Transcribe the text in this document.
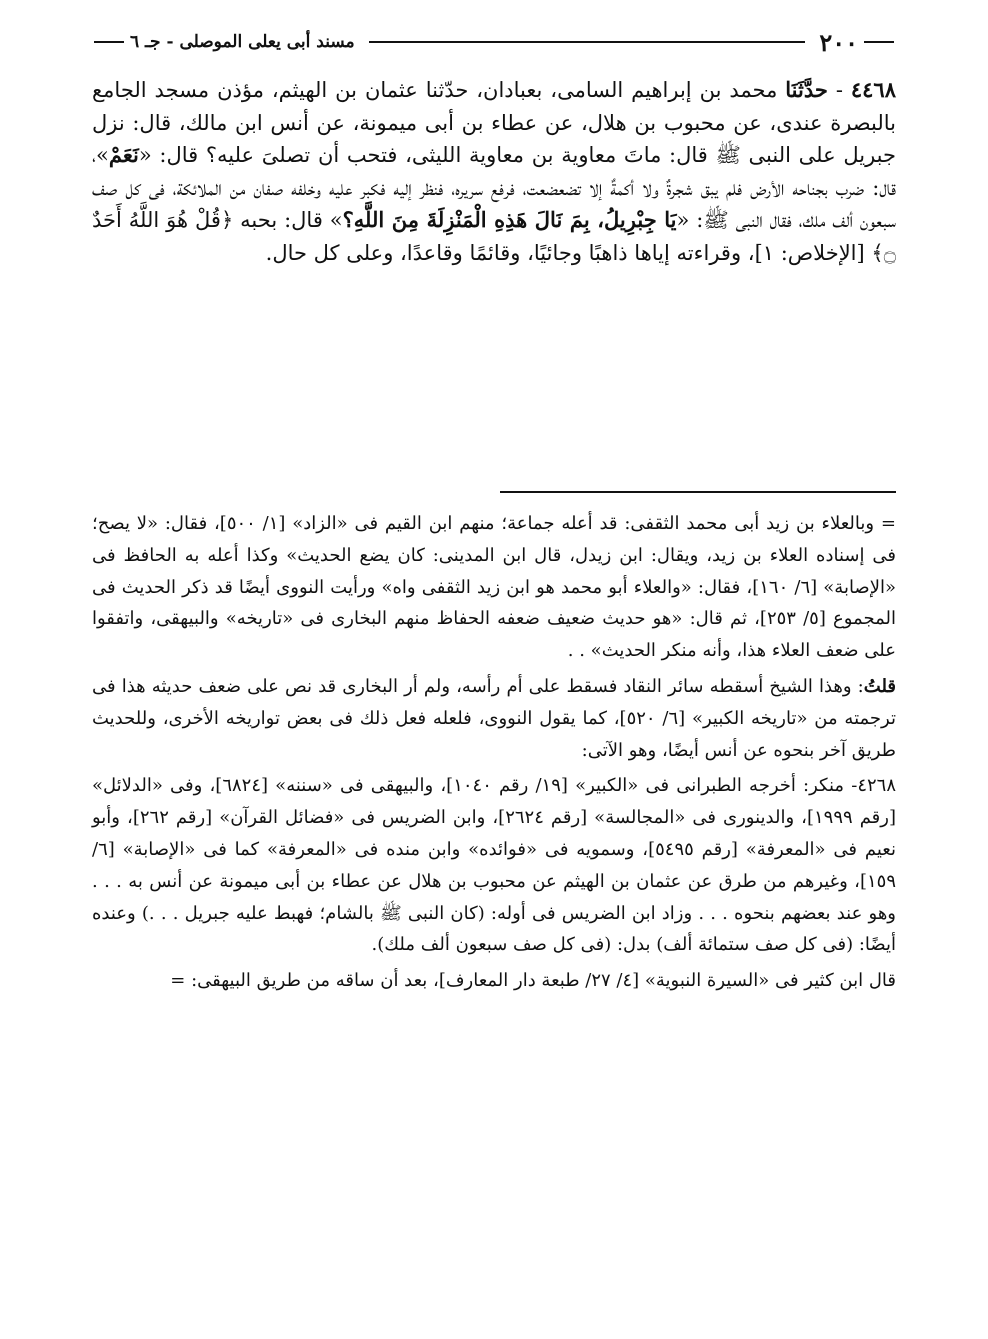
٢٠٠
مسند أبى يعلى الموصلى - جـ ٦

٤٤٦٨ - حدَّثَنَا محمد بن إبراهيم السامى، بعبادان، حدّثنا عثمان بن الهيثم، مؤذن مسجد الجامع بالبصرة عندى، عن محبوب بن هلال، عن عطاء بن أبى ميمونة، عن أنس ابن مالك، قال: نزل جبريل على النبى ﷺ قال: ماتَ معاوية بن معاوية الليثى، فتحب أن تصلىَ عليه؟ قال: «نَعَمْ»، قال: ضرب بجناحه الأرض فلم يبق شجرةٌ ولا أكمةٌ إلا تضعضعت، فرفع سريره، فنظر إليه فكبر عليه وخلفه صفان من الملائكة، فى كل صف سبعون ألف ملك، فقال النبى ﷺ: «يَا جِبْرِيلُ، بِمَ نَالَ هَذِهِ الْمَنْزِلَةَ مِنَ اللَّهِ؟» قال: بحبه ﴿قُلْ هُوَ اللَّهُ أَحَدٌ ۝﴾ [الإخلاص: ١]، وقراءته إياها ذاهبًا وجائيًا، وقائمًا وقاعدًا، وعلى كل حال.

= وبالعلاء بن زيد أبى محمد الثقفى: قد أعله جماعة؛ منهم ابن القيم فى «الزاد» [١/ ٥٠٠]، فقال: «لا يصح؛ فى إسناده العلاء بن زيد، ويقال: ابن زيدل، قال ابن المدينى: كان يضع الحديث» وكذا أعله به الحافظ فى «الإصابة» [٦/ ١٦٠]، فقال: «والعلاء أبو محمد هو ابن زيد الثقفى واه» ورأيت النووى أيضًا قد ذكر الحديث فى المجموع [٥/ ٢٥٣]، ثم قال: «هو حديث ضعيف ضعفه الحفاظ منهم البخارى فى «تاريخه» والبيهقى، واتفقوا على ضعف العلاء هذا، وأنه منكر الحديث» . .

قلتُ: وهذا الشيخ أسقطه سائر النقاد فسقط على أم رأسه، ولم أر البخارى قد نص على ضعف حديثه هذا فى ترجمته من «تاريخه الكبير» [٦/ ٥٢٠]، كما يقول النووى، فلعله فعل ذلك فى بعض تواريخه الأخرى، وللحديث طريق آخر بنحوه عن أنس أيضًا، وهو الآتى:

٤٢٦٨- منكر: أخرجه الطبرانى فى «الكبير» [١٩/ رقم ١٠٤٠]، والبيهقى فى «سننه» [٦٨٢٤]، وفى «الدلائل» [رقم ١٩٩٩]، والدينورى فى «المجالسة» [رقم ٢٦٢٤]، وابن الضريس فى «فضائل القرآن» [رقم ٢٦٢]، وأبو نعيم فى «المعرفة» [رقم ٥٤٩٥]، وسمويه فى «فوائده» وابن منده فى «المعرفة» كما فى «الإصابة» [٦/ ١٥٩]، وغيرهم من طرق عن عثمان بن الهيثم عن محبوب بن هلال عن عطاء بن أبى ميمونة عن أنس به . . . وهو عند بعضهم بنحوه . . . وزاد ابن الضريس فى أوله: (كان النبى ﷺ بالشام؛ فهبط عليه جبريل . . .) وعنده أيضًا: (فى كل صف ستمائة ألف) بدل: (فى كل صف سبعون ألف ملك).

قال ابن كثير فى «السيرة النبوية» [٤/ ٢٧/ طبعة دار المعارف]، بعد أن ساقه من طريق البيهقى: =
